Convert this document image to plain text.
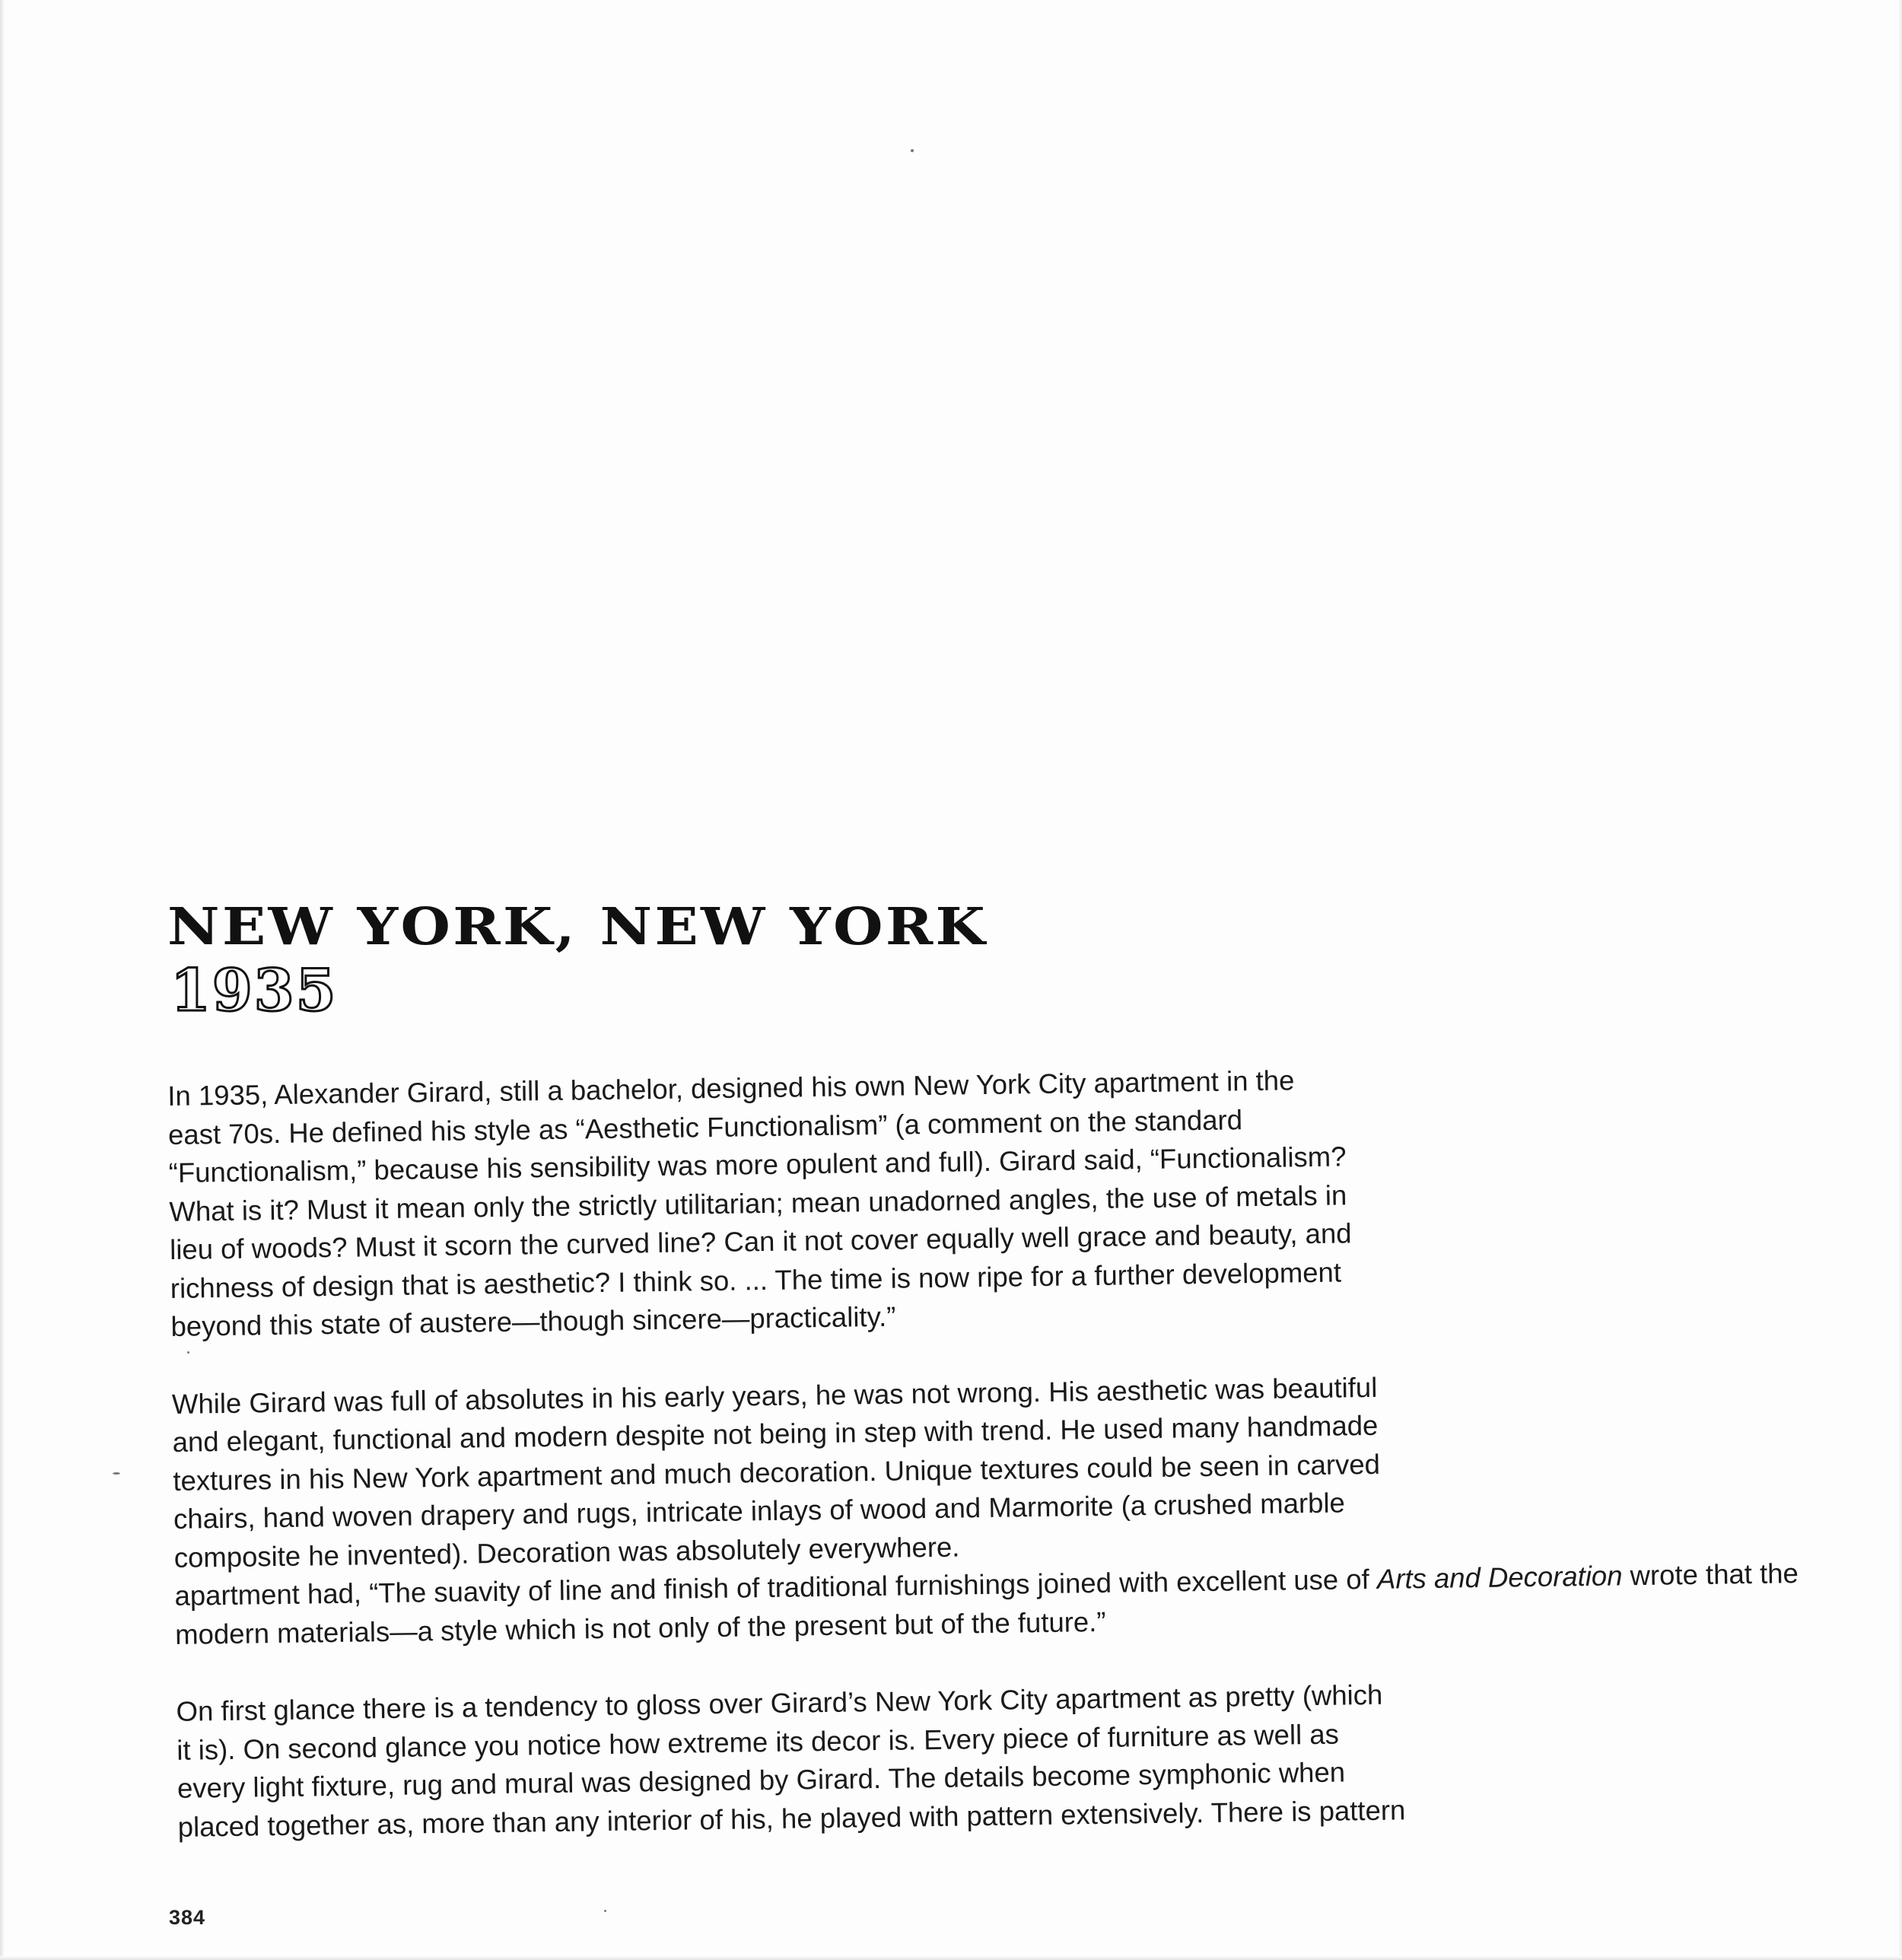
NEW YORK, NEW YORK
1935

In 1935, Alexander Girard, still a bachelor, designed his own New York City apartment in the
east 70s. He defined his style as “Aesthetic Functionalism” (a comment on the standard
“Functionalism,” because his sensibility was more opulent and full). Girard said, “Functionalism?
What is it? Must it mean only the strictly utilitarian; mean unadorned angles, the use of metals in
lieu of woods? Must it scorn the curved line? Can it not cover equally well grace and beauty, and
richness of design that is aesthetic? I think so. ... The time is now ripe for a further development
beyond this state of austere—though sincere—practicality.”

While Girard was full of absolutes in his early years, he was not wrong. His aesthetic was beautiful
and elegant, functional and modern despite not being in step with trend. He used many handmade
textures in his New York apartment and much decoration. Unique textures could be seen in carved
chairs, hand woven drapery and rugs, intricate inlays of wood and Marmorite (a crushed marble
composite he invented). Decoration was absolutely everywhere.
apartment had, “The suavity of line and finish of traditional furnishings joined with excellent use of Arts and Decoration wrote that the
modern materials—a style which is not only of the present but of the future.”

On first glance there is a tendency to gloss over Girard’s New York City apartment as pretty (which
it is). On second glance you notice how extreme its decor is. Every piece of furniture as well as
every light fixture, rug and mural was designed by Girard. The details become symphonic when
placed together as, more than any interior of his, he played with pattern extensively. There is pattern

384
